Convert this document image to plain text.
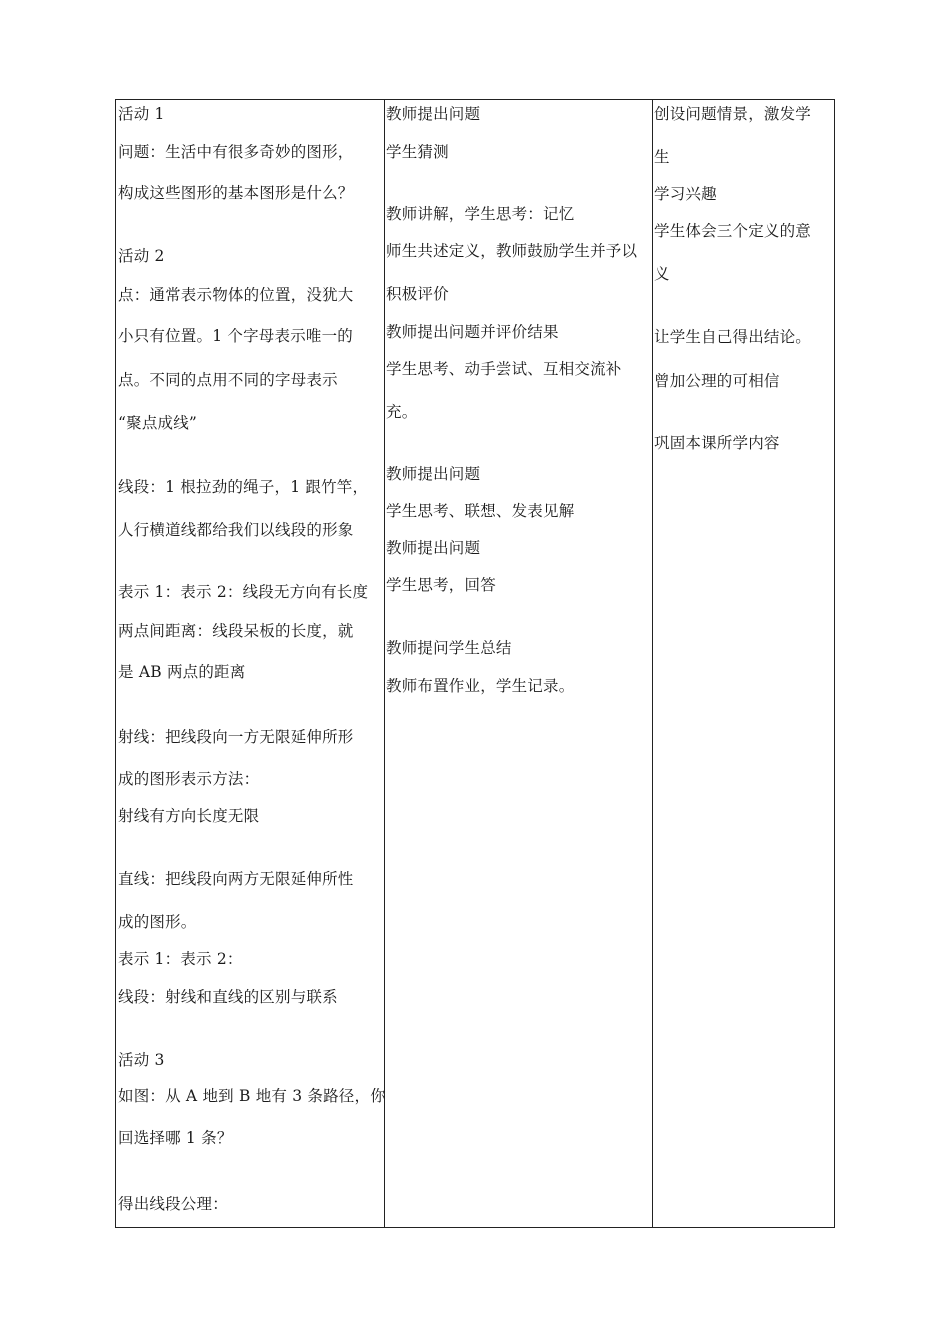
活动 1
问题：生活中有很多奇妙的图形，
构成这些图形的基本图形是什么？
活动 2
点：通常表示物体的位置，没犹大
小只有位置。1 个字母表示唯一的
点。不同的点用不同的字母表示
“聚点成线”
线段：1 根拉劲的绳子，1 跟竹竿，
人行横道线都给我们以线段的形象
表示 1：表示 2：线段无方向有长度
两点间距离：线段呆板的长度，就
是 AB 两点的距离
射线：把线段向一方无限延伸所形
成的图形表示方法：
射线有方向长度无限
直线：把线段向两方无限延伸所性
成的图形。
表示 1：表示 2：
线段：射线和直线的区别与联系
活动 3
如图：从 A 地到 B 地有 3 条路径，你
回选择哪 1 条？
得出线段公理：
教师提出问题
学生猜测
教师讲解，学生思考：记忆
师生共述定义，教师鼓励学生并予以
积极评价
教师提出问题并评价结果
学生思考、动手尝试、互相交流补
充。
教师提出问题
学生思考、联想、发表见解
教师提出问题
学生思考，回答
教师提问学生总结
教师布置作业，学生记录。
创设问题情景，激发学
生
学习兴趣
学生体会三个定义的意
义
让学生自己得出结论。
曾加公理的可相信
巩固本课所学内容
